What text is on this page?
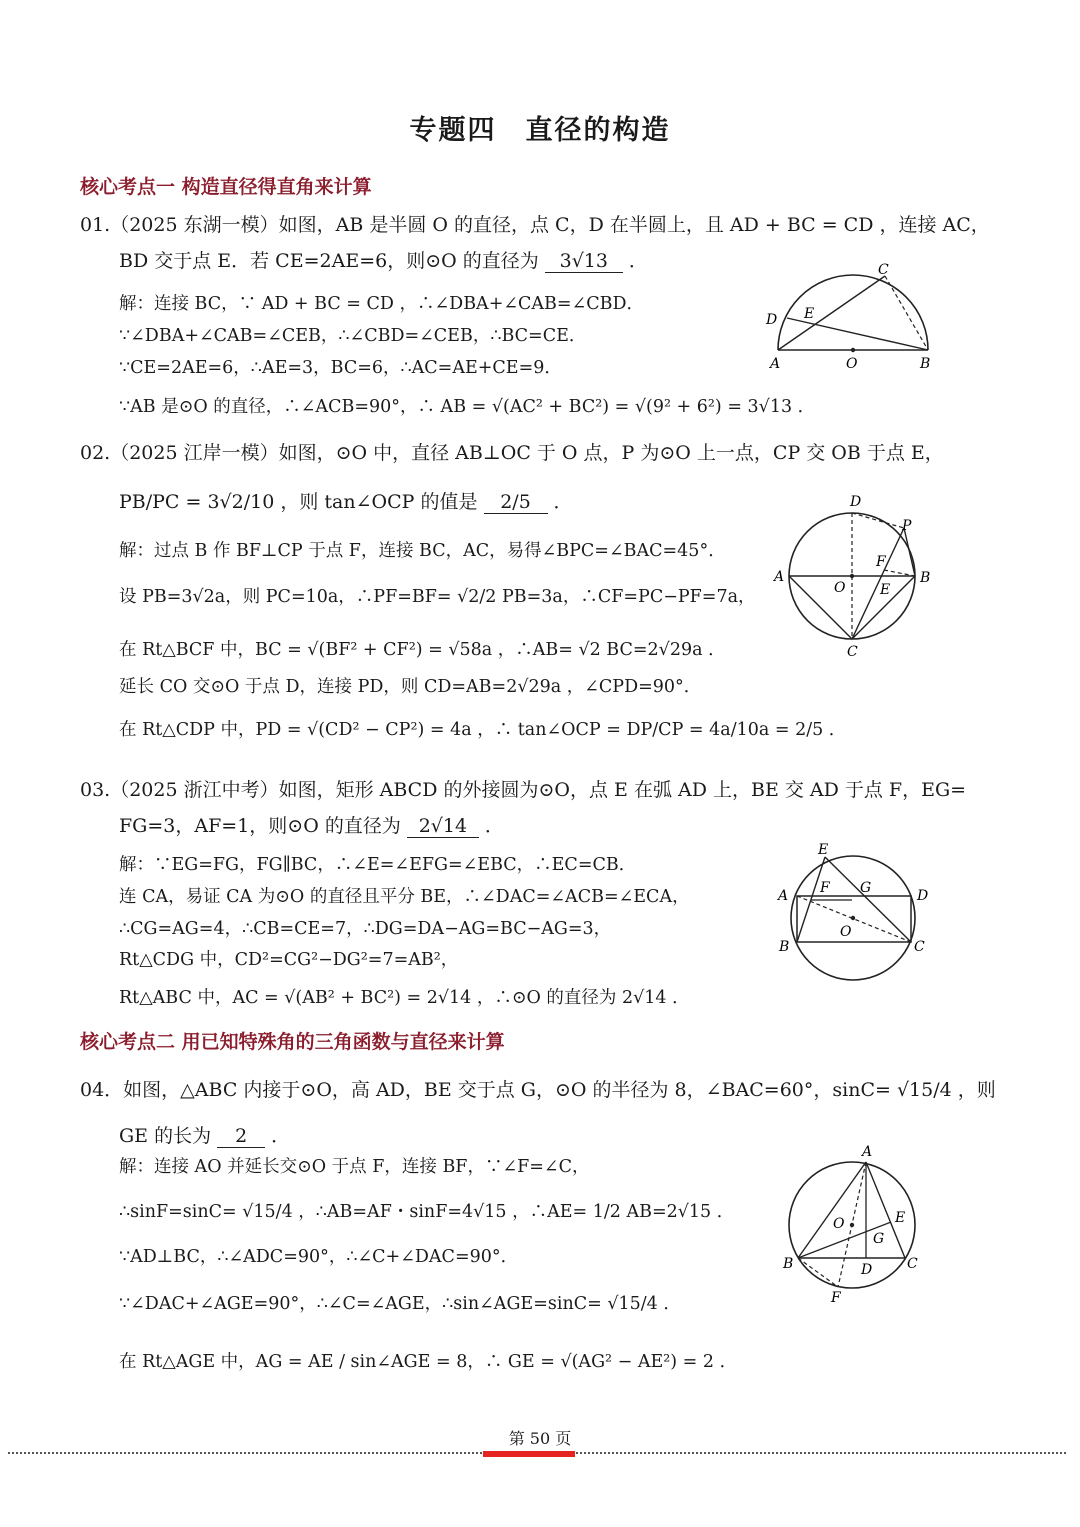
专题四　直径的构造
核心考点一 构造直径得直角来计算
01.（2025 东湖一模）如图，AB 是半圆 O 的直径，点 C，D 在半圆上，且 AD + BC = CD ，连接 AC，
BD 交于点 E．若 CE=2AE=6，则⊙O 的直径为 3√13 ．
解：连接 BC，∵ AD + BC = CD ，∴∠DBA+∠CAB=∠CBD．
∵∠DBA+∠CAB=∠CEB，∴∠CBD=∠CEB，∴BC=CE．
∵CE=2AE=6，∴AE=3，BC=6，∴AC=AE+CE=9．
∵AB 是⊙O 的直径，∴∠ACB=90°，∴ AB = √(AC² + BC²) = √(9² + 6²) = 3√13 ．
C
D E
A	O	B
02.（2025 江岸一模）如图，⊙O 中，直径 AB⊥OC 于 O 点，P 为⊙O 上一点，CP 交 OB 于点 E，
PB/PC = 3√2/10 ，则 tan∠OCP 的值是 2/5 ．
解：过点 B 作 BF⊥CP 于点 F，连接 BC，AC，易得∠BPC=∠BAC=45°．
设 PB=3√2a，则 PC=10a，∴PF=BF= √2/2 PB=3a，∴CF=PC−PF=7a，
在 Rt△BCF 中，BC = √(BF² + CF²) = √58a ，∴AB= √2 BC=2√29a ．
延长 CO 交⊙O 于点 D，连接 PD，则 CD=AB=2√29a ，∠CPD=90°．
在 Rt△CDP 中，PD = √(CD² − CP²) = 4a ，∴ tan∠OCP = DP/CP = 4a/10a = 2/5 ．
D
P
F
A
O E
B
C
03.（2025 浙江中考）如图，矩形 ABCD 的外接圆为⊙O，点 E 在弧 AD 上，BE 交 AD 于点 F，EG=
FG=3，AF=1，则⊙O 的直径为 2√14 ．
解：∵EG=FG，FG∥BC，∴∠E=∠EFG=∠EBC，∴EC=CB．
连 CA，易证 CA 为⊙O 的直径且平分 BE，∴∠DAC=∠ACB=∠ECA，
∴CG=AG=4，∴CB=CE=7，∴DG=DA−AG=BC−AG=3，
Rt△CDG 中，CD²=CG²−DG²=7=AB²，
Rt△ABC 中，AC = √(AB² + BC²) = 2√14 ，∴⊙O 的直径为 2√14 ．
E
F G
A	D
O
B	C
核心考点二 用已知特殊角的三角函数与直径来计算
04．如图，△ABC 内接于⊙O，高 AD，BE 交于点 G，⊙O 的半径为 8，∠BAC=60°，sinC= √15/4 ，则
GE 的长为 2 ．
解：连接 AO 并延长交⊙O 于点 F，连接 BF，∵∠F=∠C，
∴sinF=sinC= √15/4 ，∴AB=AF・sinF=4√15 ，∴AE= 1/2 AB=2√15 ．
∵AD⊥BC，∴∠ADC=90°，∴∠C+∠DAC=90°．
∵∠DAC+∠AGE=90°，∴∠C=∠AGE，∴sin∠AGE=sinC= √15/4 ．
在 Rt△AGE 中，AG = AE / sin∠AGE = 8，∴ GE = √(AG² − AE²) = 2 ．
A
O	E
G
B	D C
F
第 50 页
